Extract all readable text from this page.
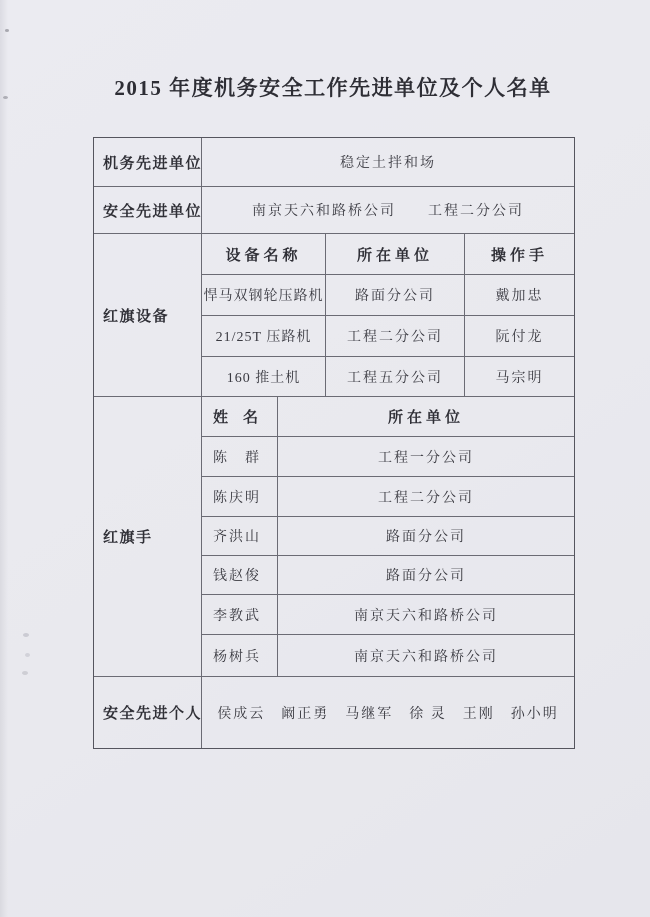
2015 年度机务安全工作先进单位及个人名单
机务先进单位	稳定土拌和场
安全先进单位	南京天六和路桥公司　　工程二分公司
红旗设备
设备名称	所在单位	操作手
悍马双钢轮压路机	路面分公司	戴加忠
21/25T 压路机	工程二分公司	阮付龙
160 推土机	工程五分公司	马宗明
红旗手
姓　名	所在单位
陈　群	工程一分公司
陈庆明	工程二分公司
齐洪山	路面分公司
钱赵俊	路面分公司
李教武	南京天六和路桥公司
杨树兵	南京天六和路桥公司
安全先进个人	侯成云　阚正勇　马继军　徐 灵　王刚　孙小明
